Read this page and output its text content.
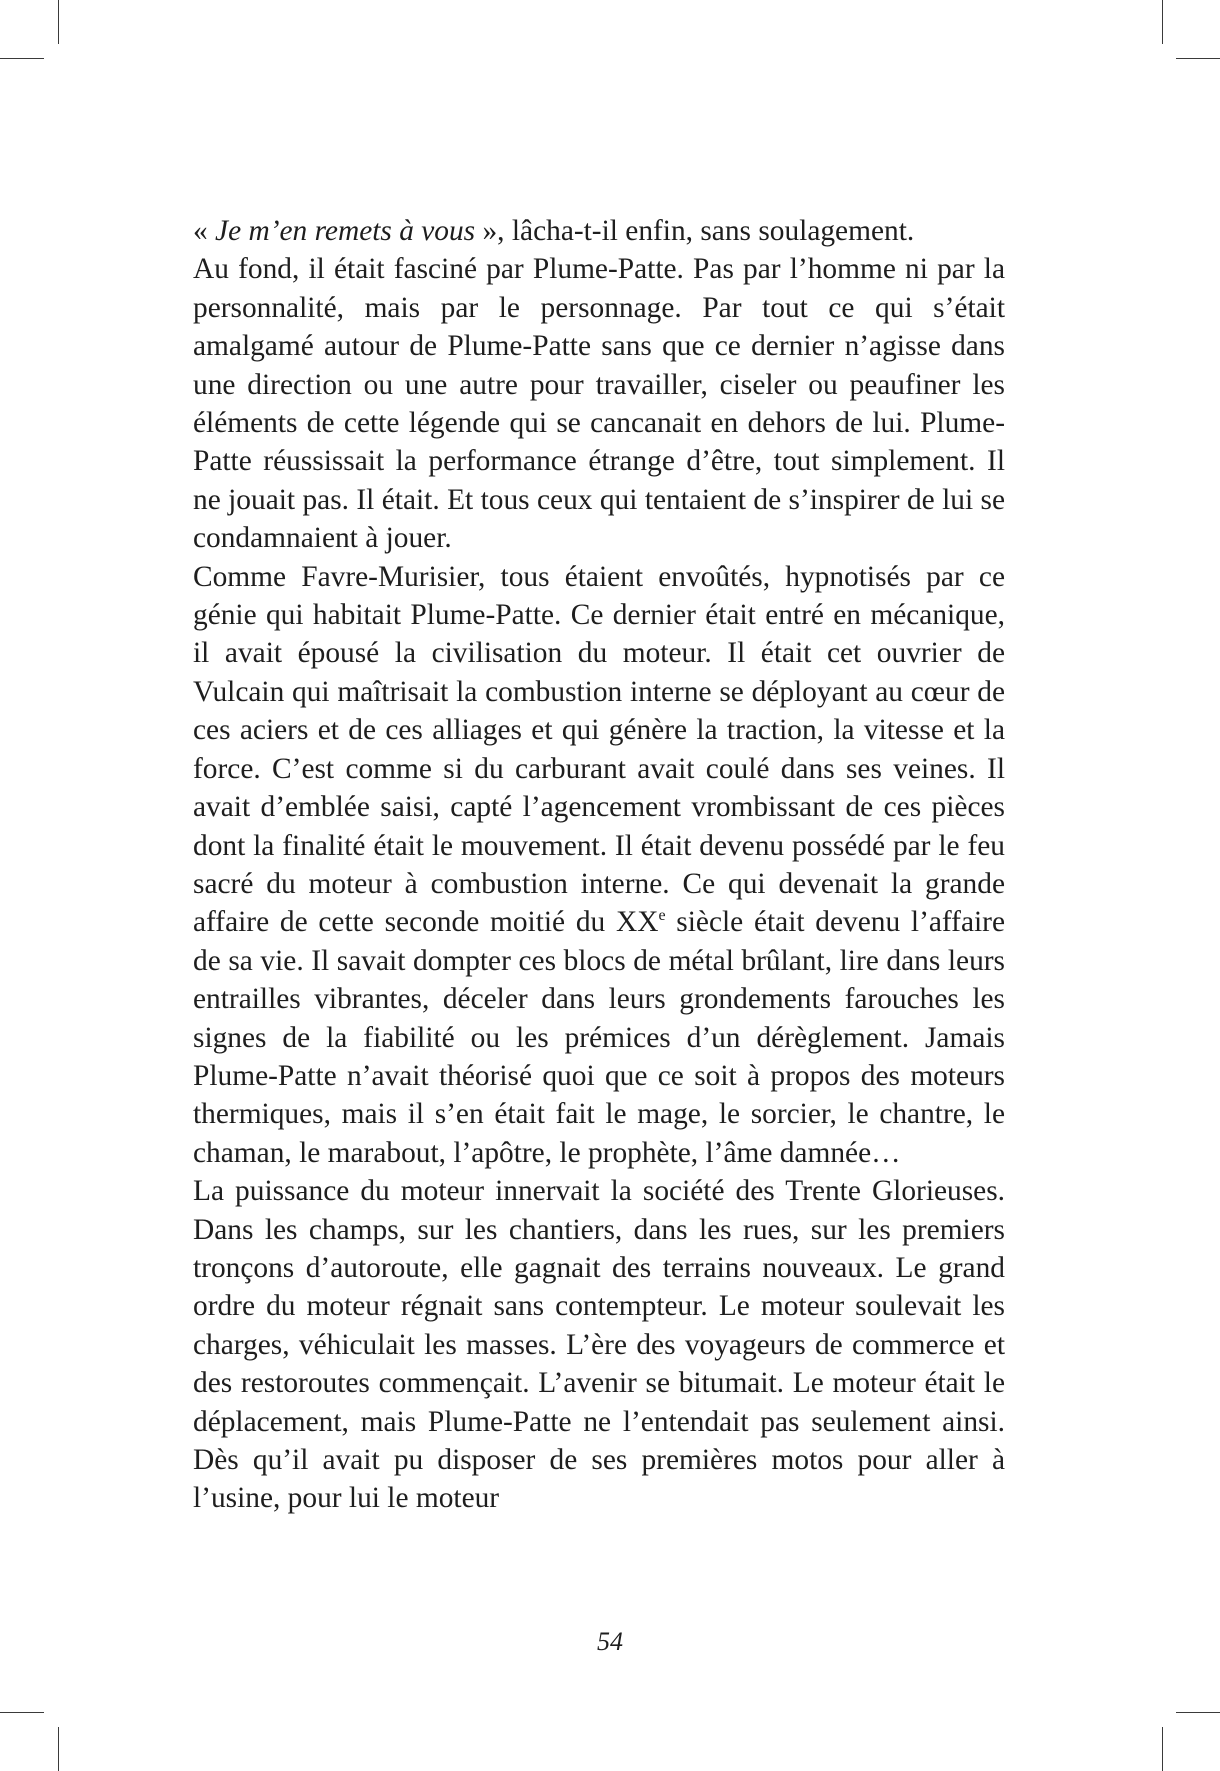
« Je m’en remets à vous », lâcha-t-il enfin, sans soulagement.

Au fond, il était fasciné par Plume-Patte. Pas par l’homme ni par la personnalité, mais par le personnage. Par tout ce qui s’était amalgamé autour de Plume-Patte sans que ce dernier n’agisse dans une direction ou une autre pour travailler, ciseler ou peaufiner les éléments de cette légende qui se cancanait en dehors de lui. Plume-Patte réussissait la performance étrange d’être, tout simplement. Il ne jouait pas. Il était. Et tous ceux qui tentaient de s’inspirer de lui se condamnaient à jouer.

Comme Favre-Murisier, tous étaient envoûtés, hypnotisés par ce génie qui habitait Plume-Patte. Ce dernier était entré en mécanique, il avait épousé la civilisation du moteur. Il était cet ouvrier de Vulcain qui maîtrisait la combustion interne se déployant au cœur de ces aciers et de ces alliages et qui génère la traction, la vitesse et la force. C’est comme si du carburant avait coulé dans ses veines. Il avait d’emblée saisi, capté l’agencement vrombissant de ces pièces dont la finalité était le mouvement. Il était devenu possédé par le feu sacré du moteur à combustion interne. Ce qui devenait la grande affaire de cette seconde moitié du XXe siècle était devenu l’affaire de sa vie. Il savait dompter ces blocs de métal brûlant, lire dans leurs entrailles vibrantes, déceler dans leurs grondements farouches les signes de la fiabilité ou les prémices d’un dérèglement. Jamais Plume-Patte n’avait théorisé quoi que ce soit à propos des moteurs thermiques, mais il s’en était fait le mage, le sorcier, le chantre, le chaman, le marabout, l’apôtre, le prophète, l’âme damnée…

La puissance du moteur innervait la société des Trente Glorieuses. Dans les champs, sur les chantiers, dans les rues, sur les premiers tronçons d’autoroute, elle gagnait des terrains nouveaux. Le grand ordre du moteur régnait sans contempteur. Le moteur soulevait les charges, véhiculait les masses. L’ère des voyageurs de commerce et des restoroutes commençait. L’avenir se bitumait. Le moteur était le déplacement, mais Plume-Patte ne l’entendait pas seulement ainsi. Dès qu’il avait pu disposer de ses premières motos pour aller à l’usine, pour lui le moteur

54
